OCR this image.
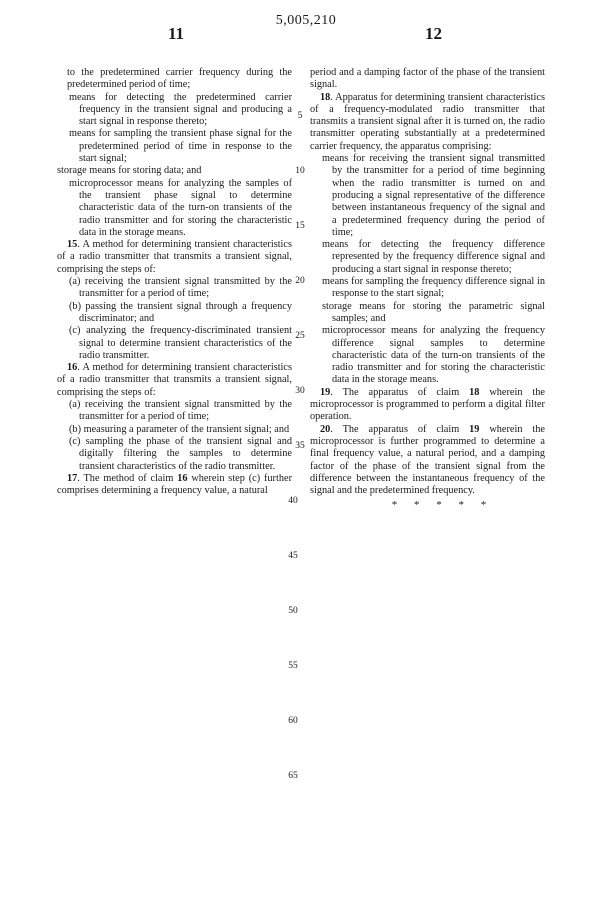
5,005,210
11	12

to the predetermined carrier frequency during the predetermined period of time;

means for detecting the predetermined carrier frequency in the transient signal and producing a start signal in response thereto;

means for sampling the transient phase signal for the predetermined period of time in response to the start signal;

storage means for storing data; and

microprocessor means for analyzing the samples of the transient phase signal to determine characteristic data of the turn-on transients of the radio transmitter and for storing the characteristic data in the storage means.

15. A method for determining transient characteristics of a radio transmitter that transmits a transient signal, comprising the steps of:

(a) receiving the transient signal transmitted by the transmitter for a period of time;

(b) passing the transient signal through a frequency discriminator; and

(c) analyzing the frequency-discriminated transient signal to determine transient characteristics of the radio transmitter.

16. A method for determining transient characteristics of a radio transmitter that transmits a transient signal, comprising the steps of:

(a) receiving the transient signal transmitted by the transmitter for a period of time;

(b) measuring a parameter of the transient signal; and

(c) sampling the phase of the transient signal and digitally filtering the samples to determine transient characteristics of the radio transmitter.

17. The method of claim 16 wherein step (c) further comprises determining a frequency value, a natural

period and a damping factor of the phase of the transient signal.

18. Apparatus for determining transient characteristics of a frequency-modulated radio transmitter that transmits a transient signal after it is turned on, the radio transmitter operating substantially at a predetermined carrier frequency, the apparatus comprising:

means for receiving the transient signal transmitted by the transmitter for a period of time beginning when the radio transmitter is turned on and producing a signal representative of the difference between instantaneous frequency of the signal and a predetermined frequency during the period of time;

means for detecting the frequency difference represented by the frequency difference signal and producing a start signal in response thereto;

means for sampling the frequency difference signal in response to the start signal;

storage means for storing the parametric signal samples; and

microprocessor means for analyzing the frequency difference signal samples to determine characteristic data of the turn-on transients of the radio transmitter and for storing the characteristic data in the storage means.

19. The apparatus of claim 18 wherein the microprocessor is programmed to perform a digital filter operation.

20. The apparatus of claim 19 wherein the microprocessor is further programmed to determine a final frequency value, a natural period, and a damping factor of the phase of the transient signal from the difference between the instantaneous frequency of the signal and the predetermined frequency.

* * * * *

5
10
15
20
25
30
35
40
45
50
55
60
65
